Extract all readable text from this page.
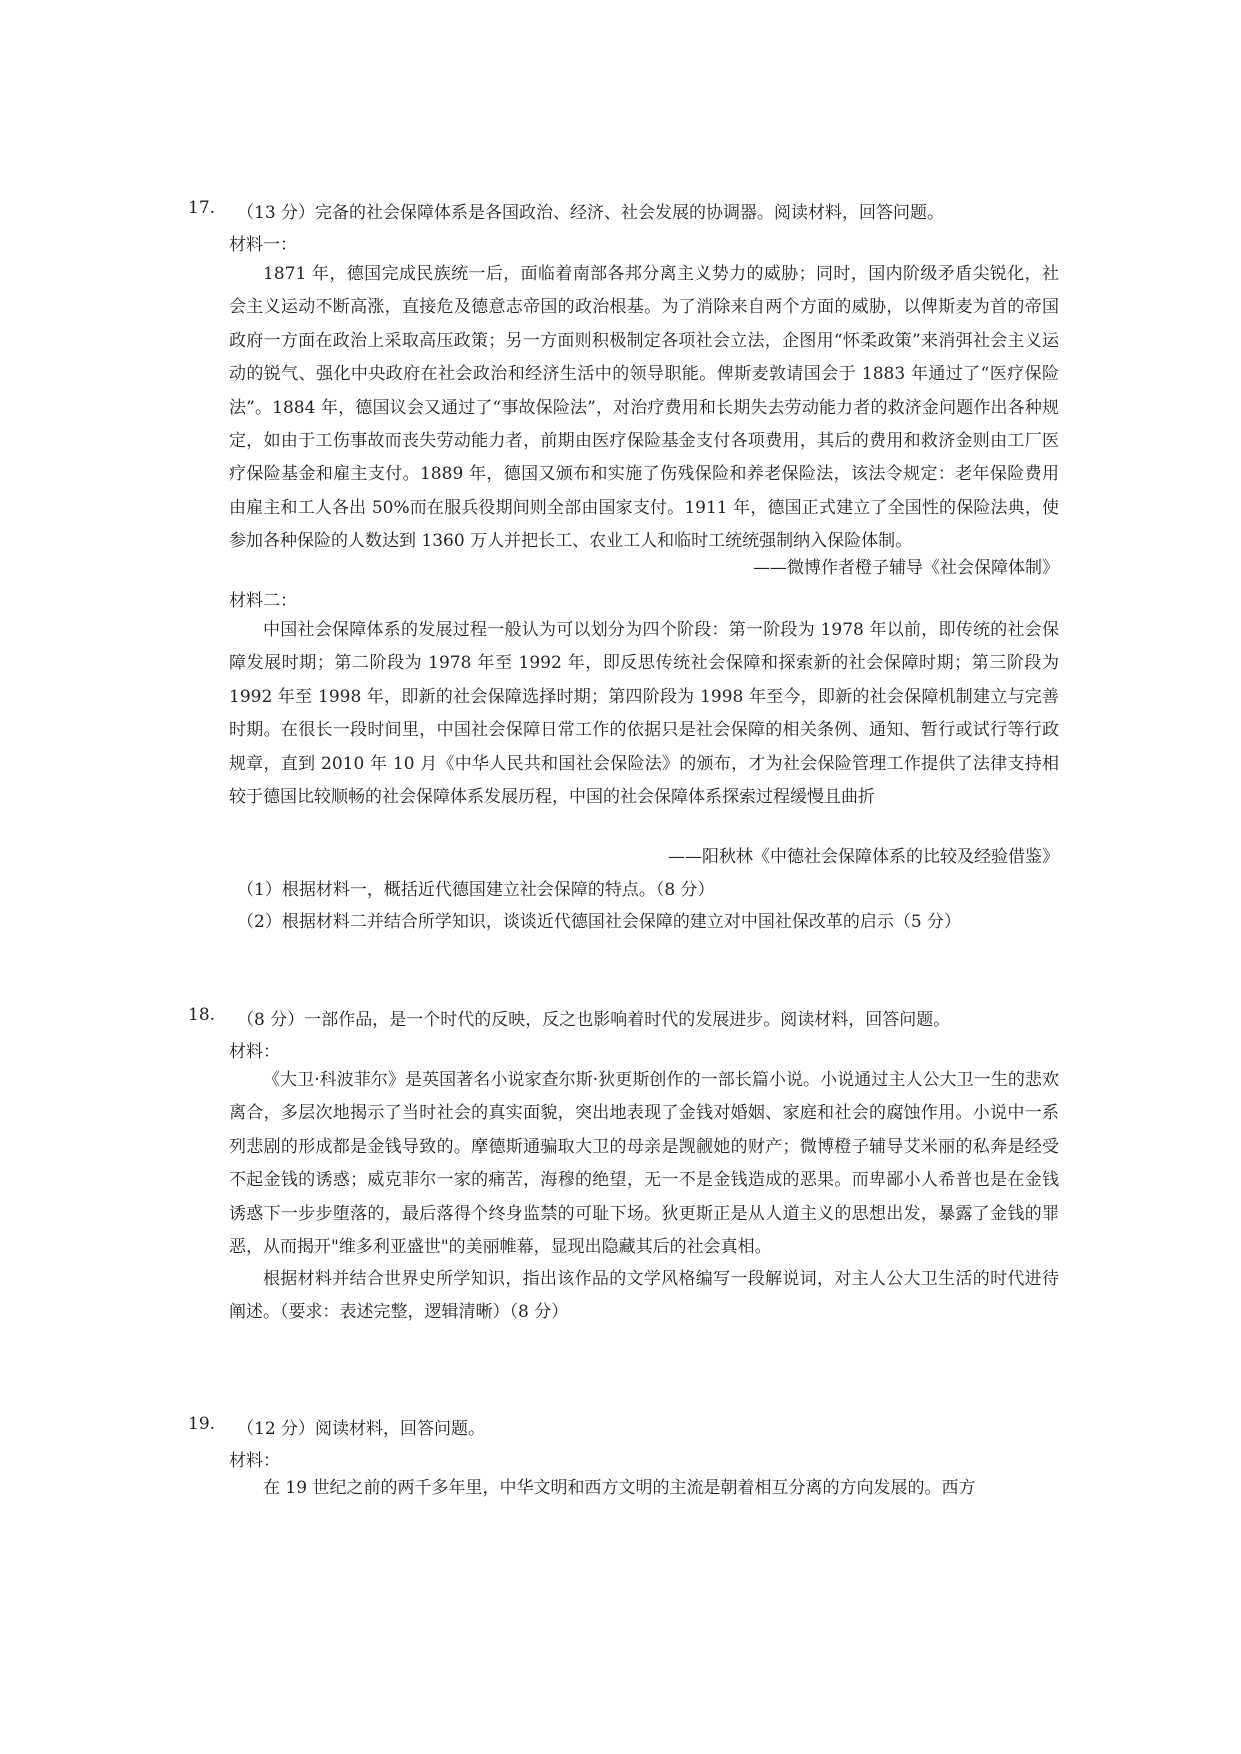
17. （13 分）完备的社会保障体系是各国政治、经济、社会发展的协调器。阅读材料，回答问题。
材料一：

1871 年，德国完成民族统一后，面临着南部各邦分离主义势力的威胁；同时，国内阶级矛盾尖锐化，社会主义运动不断高涨，直接危及德意志帝国的政治根基。为了消除来自两个方面的威胁，以俾斯麦为首的帝国政府一方面在政治上采取高压政策；另一方面则积极制定各项社会立法，企图用“怀柔政策”来消弭社会主义运动的锐气、强化中央政府在社会政治和经济生活中的领导职能。俾斯麦敦请国会于 1883 年通过了“医疗保险法”。1884 年，德国议会又通过了“事故保险法”，对治疗费用和长期失去劳动能力者的救济金问题作出各种规定，如由于工伤事故而丧失劳动能力者，前期由医疗保险基金支付各项费用，其后的费用和救济金则由工厂医疗保险基金和雇主支付。1889 年，德国又颁布和实施了伤残保险和养老保险法，该法令规定：老年保险费用由雇主和工人各出 50%而在服兵役期间则全部由国家支付。1911 年，德国正式建立了全国性的保险法典，使参加各种保险的人数达到 1360 万人并把长工、农业工人和临时工统统强制纳入保险体制。

——微博作者橙子辅导《社会保障体制》
材料二：

中国社会保障体系的发展过程一般认为可以划分为四个阶段：第一阶段为 1978 年以前，即传统的社会保障发展时期；第二阶段为 1978 年至 1992 年，即反思传统社会保障和探索新的社会保障时期；第三阶段为 1992 年至 1998 年，即新的社会保障选择时期；第四阶段为 1998 年至今，即新的社会保障机制建立与完善时期。在很长一段时间里，中国社会保障日常工作的依据只是社会保障的相关条例、通知、暂行或试行等行政规章，直到 2010 年 10 月《中华人民共和国社会保险法》的颁布，才为社会保险管理工作提供了法律支持相较于德国比较顺畅的社会保障体系发展历程，中国的社会保障体系探索过程缓慢且曲折

——阳秋林《中德社会保障体系的比较及经验借鉴》
（1）根据材料一，概括近代德国建立社会保障的特点。（8 分）
（2）根据材料二并结合所学知识，谈谈近代德国社会保障的建立对中国社保改革的启示（5 分）
18. （8 分）一部作品，是一个时代的反映，反之也影响着时代的发展进步。阅读材料，回答问题。
材料：

《大卫·科波菲尔》是英国著名小说家查尔斯·狄更斯创作的一部长篇小说。小说通过主人公大卫一生的悲欢离合，多层次地揭示了当时社会的真实面貌，突出地表现了金钱对婚姻、家庭和社会的腐蚀作用。小说中一系列悲剧的形成都是金钱导致的。摩德斯通骗取大卫的母亲是觊觎她的财产；微博橙子辅导艾米丽的私奔是经受不起金钱的诱惑；威克菲尔一家的痛苦，海穆的绝望，无一不是金钱造成的恶果。而卑鄙小人希普也是在金钱诱惑下一步步堕落的，最后落得个终身监禁的可耻下场。狄更斯正是从人道主义的思想出发，暴露了金钱的罪恶，从而揭开"维多利亚盛世"的美丽帷幕，显现出隐藏其后的社会真相。

根据材料并结合世界史所学知识，指出该作品的文学风格编写一段解说词，对主人公大卫生活的时代进待阐述。（要求：表述完整，逻辑清晰）（8 分）

19. （12 分）阅读材料，回答问题。
材料：

在 19 世纪之前的两千多年里，中华文明和西方文明的主流是朝着相互分离的方向发展的。西方
